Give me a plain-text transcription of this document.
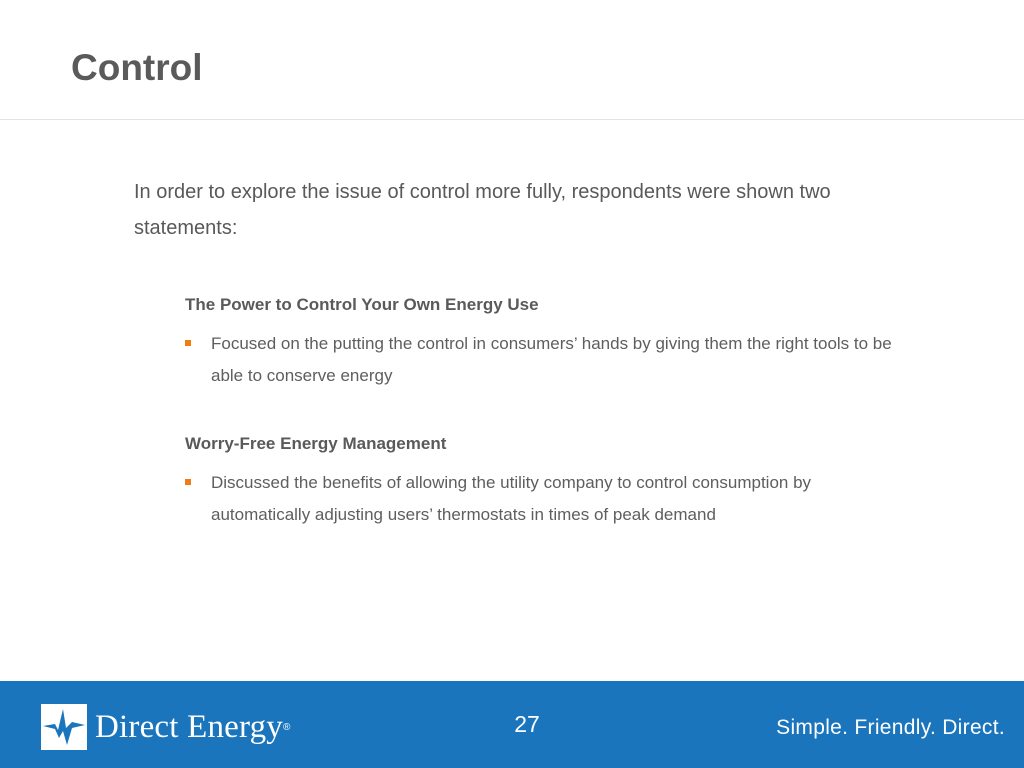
Control

In order to explore the issue of control more fully, respondents were shown two statements:

The Power to Control Your Own Energy Use

Focused on the putting the control in consumers’ hands by giving them the right tools to be able to conserve energy

Worry-Free Energy Management

Discussed the benefits of allowing the utility company to control consumption by automatically adjusting users’ thermostats in times of peak demand
Direct Energy ®	27	Simple. Friendly. Direct.
